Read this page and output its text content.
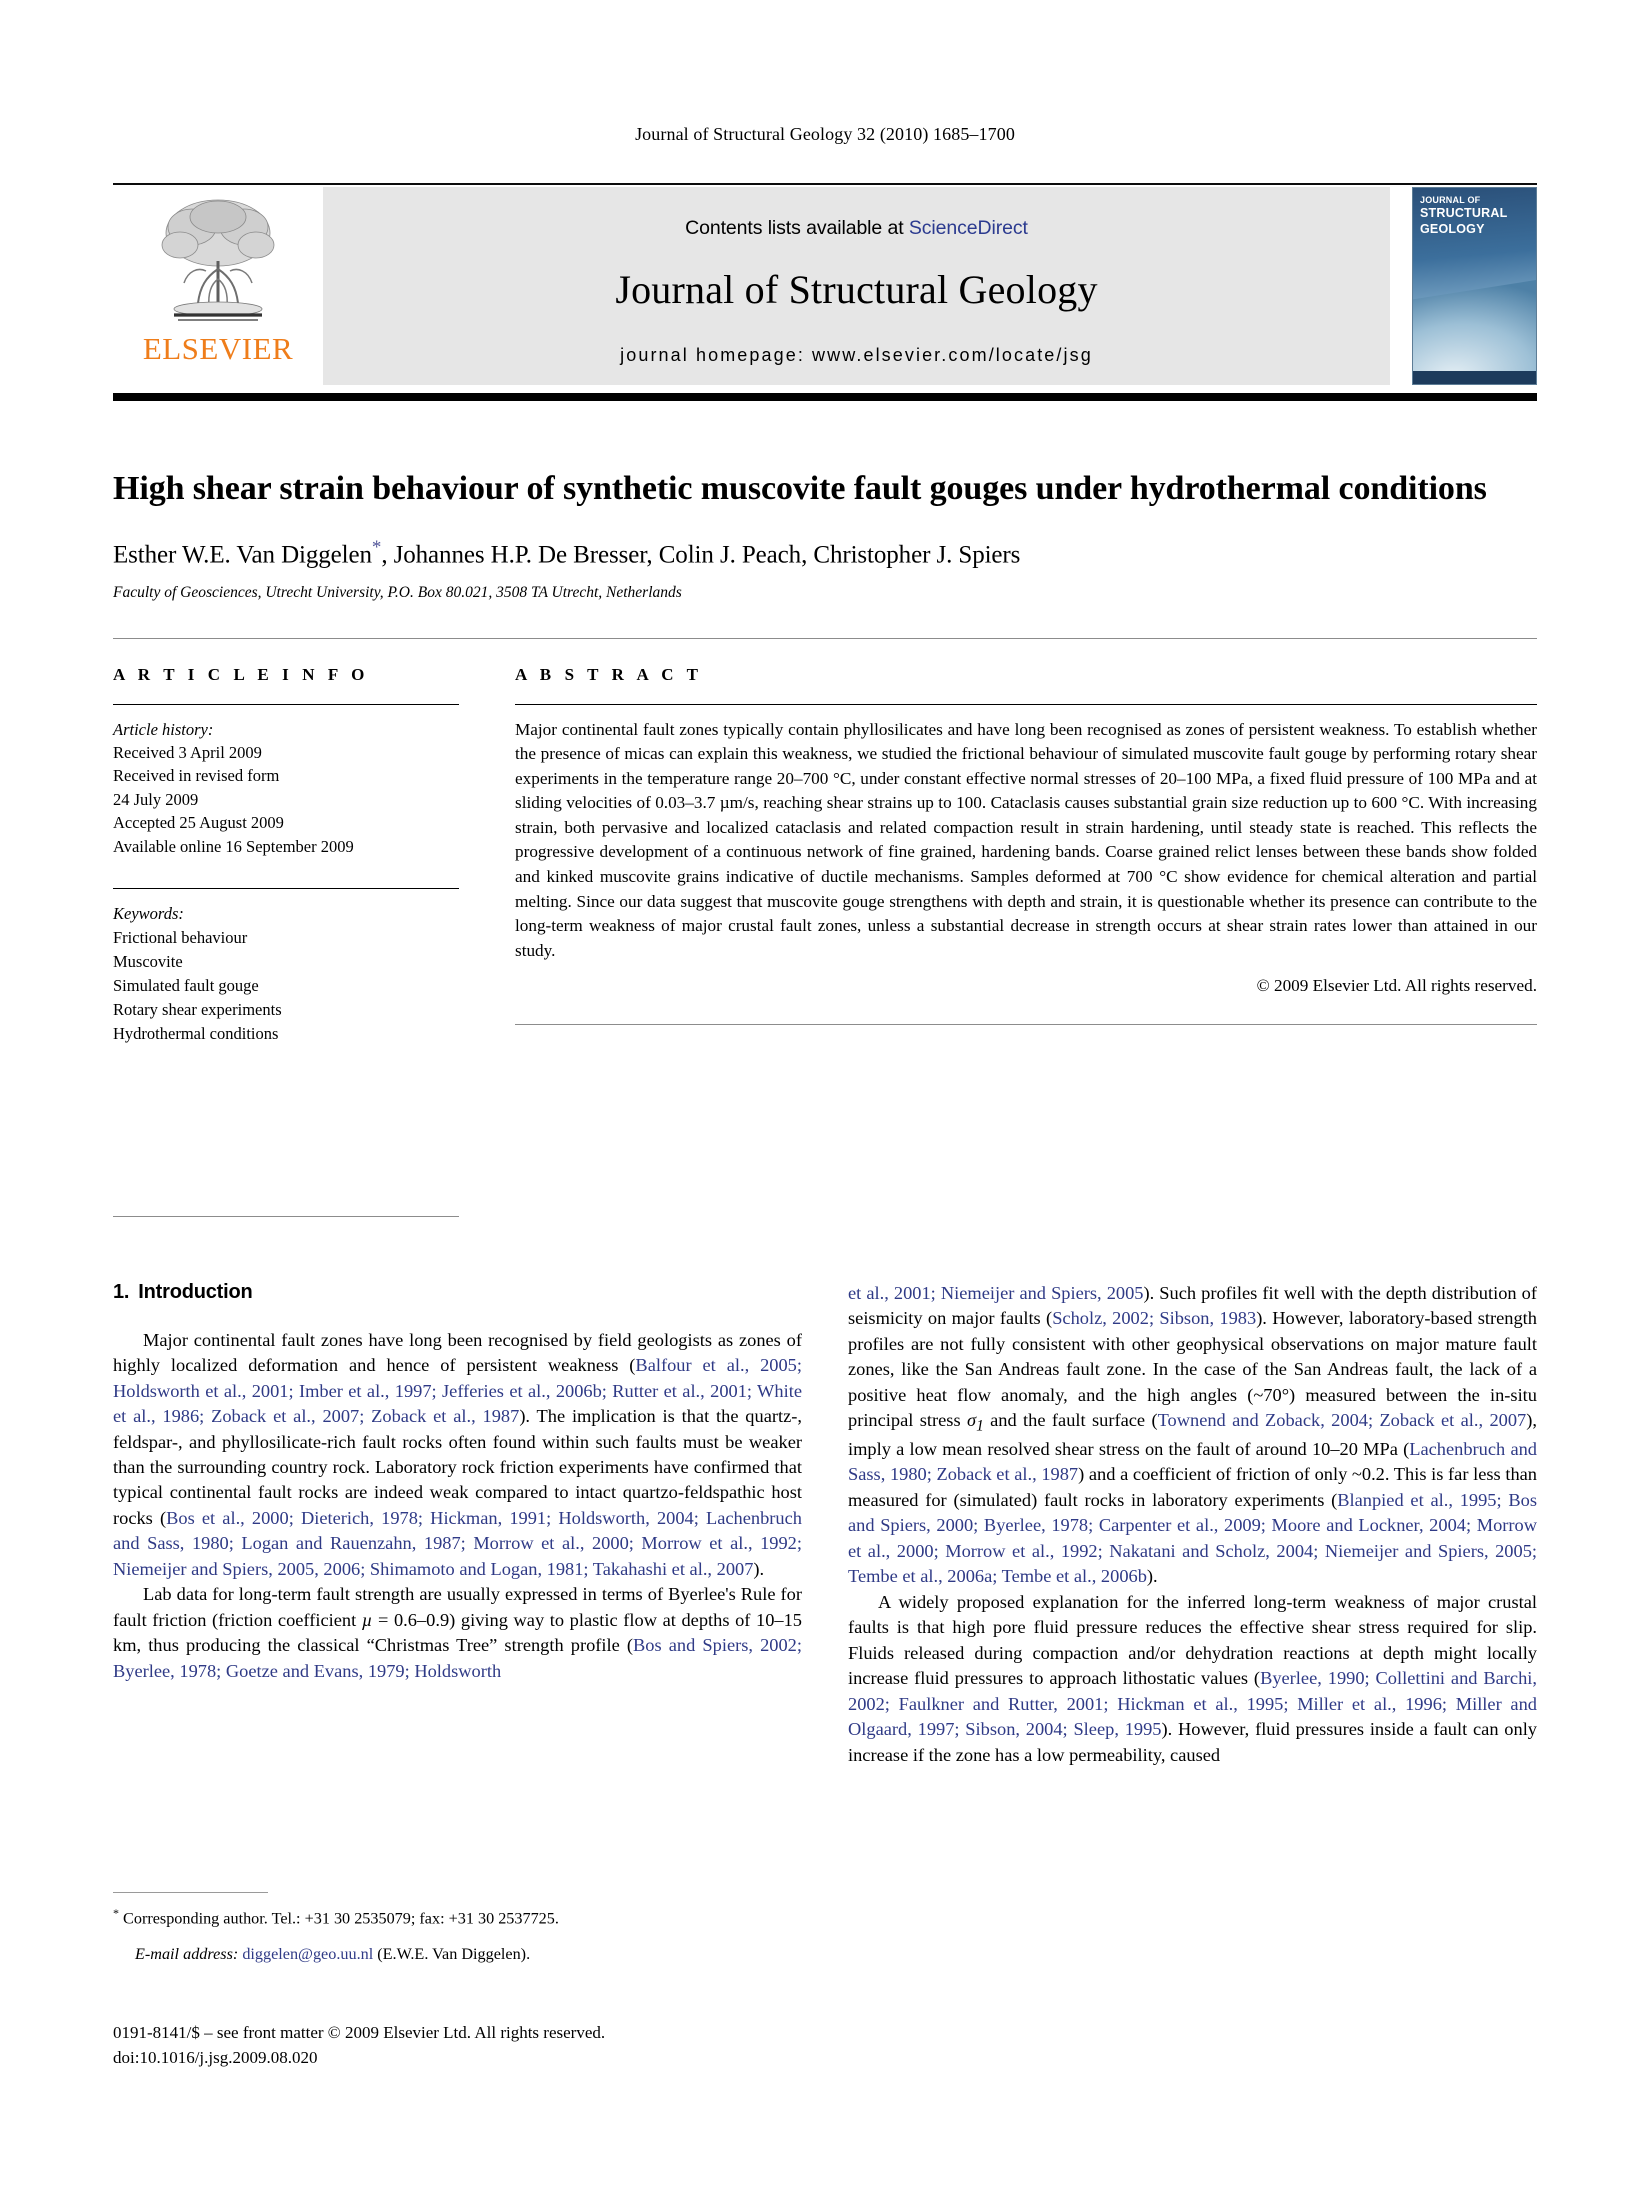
Journal of Structural Geology 32 (2010) 1685–1700
ELSEVIER
Contents lists available at ScienceDirect
Journal of Structural Geology
journal homepage: www.elsevier.com/locate/jsg
JOURNAL OF

STRUCTURAL
GEOLOGY
High shear strain behaviour of synthetic muscovite fault gouges under hydrothermal conditions
Esther W.E. Van Diggelen*, Johannes H.P. De Bresser, Colin J. Peach, Christopher J. Spiers
Faculty of Geosciences, Utrecht University, P.O. Box 80.021, 3508 TA Utrecht, Netherlands
A R T I C L E I N F O
Article history:
Received 3 April 2009
Received in revised form
24 July 2009
Accepted 25 August 2009
Available online 16 September 2009
Keywords:
Frictional behaviour
Muscovite
Simulated fault gouge
Rotary shear experiments
Hydrothermal conditions
A B S T R A C T
Major continental fault zones typically contain phyllosilicates and have long been recognised as zones of persistent weakness. To establish whether the presence of micas can explain this weakness, we studied the frictional behaviour of simulated muscovite fault gouge by performing rotary shear experiments in the temperature range 20–700 °C, under constant effective normal stresses of 20–100 MPa, a fixed fluid pressure of 100 MPa and at sliding velocities of 0.03–3.7 µm/s, reaching shear strains up to 100. Cataclasis causes substantial grain size reduction up to 600 °C. With increasing strain, both pervasive and localized cataclasis and related compaction result in strain hardening, until steady state is reached. This reflects the progressive development of a continuous network of fine grained, hardening bands. Coarse grained relict lenses between these bands show folded and kinked muscovite grains indicative of ductile mechanisms. Samples deformed at 700 °C show evidence for chemical alteration and partial melting. Since our data suggest that muscovite gouge strengthens with depth and strain, it is questionable whether its presence can contribute to the long-term weakness of major crustal fault zones, unless a substantial decrease in strength occurs at shear strain rates lower than attained in our study.
© 2009 Elsevier Ltd. All rights reserved.
1. Introduction

Major continental fault zones have long been recognised by field geologists as zones of highly localized deformation and hence of persistent weakness (Balfour et al., 2005; Holdsworth et al., 2001; Imber et al., 1997; Jefferies et al., 2006b; Rutter et al., 2001; White et al., 1986; Zoback et al., 2007; Zoback et al., 1987). The implication is that the quartz-, feldspar-, and phyllosilicate-rich fault rocks often found within such faults must be weaker than the surrounding country rock. Laboratory rock friction experiments have confirmed that typical continental fault rocks are indeed weak compared to intact quartzo-feldspathic host rocks (Bos et al., 2000; Dieterich, 1978; Hickman, 1991; Holdsworth, 2004; Lachenbruch and Sass, 1980; Logan and Rauenzahn, 1987; Morrow et al., 2000; Morrow et al., 1992; Niemeijer and Spiers, 2005, 2006; Shimamoto and Logan, 1981; Takahashi et al., 2007).

Lab data for long-term fault strength are usually expressed in terms of Byerlee's Rule for fault friction (friction coefficient µ = 0.6–0.9) giving way to plastic flow at depths of 10–15 km, thus producing the classical “Christmas Tree” strength profile (Bos and Spiers, 2002; Byerlee, 1978; Goetze and Evans, 1979; Holdsworth

et al., 2001; Niemeijer and Spiers, 2005). Such profiles fit well with the depth distribution of seismicity on major faults (Scholz, 2002; Sibson, 1983). However, laboratory-based strength profiles are not fully consistent with other geophysical observations on major mature fault zones, like the San Andreas fault zone. In the case of the San Andreas fault, the lack of a positive heat flow anomaly, and the high angles (~70°) measured between the in-situ principal stress $\sigma_1$ and the fault surface (Townend and Zoback, 2004; Zoback et al., 2007), imply a low mean resolved shear stress on the fault of around 10–20 MPa (Lachenbruch and Sass, 1980; Zoback et al., 1987) and a coefficient of friction of only ~0.2. This is far less than measured for (simulated) fault rocks in laboratory experiments (Blanpied et al., 1995; Bos and Spiers, 2000; Byerlee, 1978; Carpenter et al., 2009; Moore and Lockner, 2004; Morrow et al., 2000; Morrow et al., 1992; Nakatani and Scholz, 2004; Niemeijer and Spiers, 2005; Tembe et al., 2006a; Tembe et al., 2006b).

A widely proposed explanation for the inferred long-term weakness of major crustal faults is that high pore fluid pressure reduces the effective shear stress required for slip. Fluids released during compaction and/or dehydration reactions at depth might locally increase fluid pressures to approach lithostatic values (Byerlee, 1990; Collettini and Barchi, 2002; Faulkner and Rutter, 2001; Hickman et al., 1995; Miller et al., 1996; Miller and Olgaard, 1997; Sibson, 2004; Sleep, 1995). However, fluid pressures inside a fault can only increase if the zone has a low permeability, caused

* Corresponding author. Tel.: +31 30 2535079; fax: +31 30 2537725.
E-mail address: diggelen@geo.uu.nl (E.W.E. Van Diggelen).
0191-8141/$ – see front matter © 2009 Elsevier Ltd. All rights reserved.
doi:10.1016/j.jsg.2009.08.020
